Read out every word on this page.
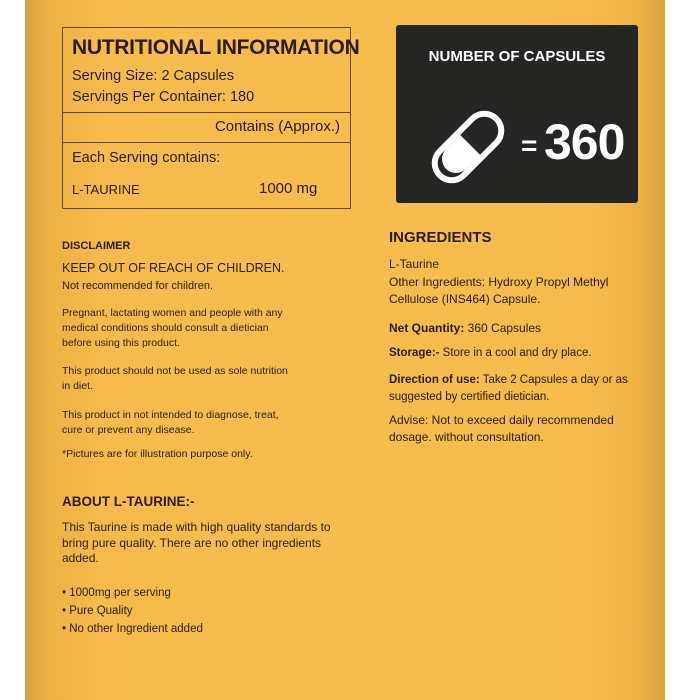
NUTRITIONAL INFORMATION
Serving Size: 2 Capsules
Servings Per Container: 180
Contains (Approx.)
Each Serving contains:
L-TAURINE	1000 mg
NUMBER OF CAPSULES
= 360
DISCLAIMER
KEEP OUT OF REACH OF CHILDREN.
Not recommended for children.
Pregnant, lactating women and people with any
medical conditions should consult a dietician
before using this product.
This product should not be used as sole nutrition
in diet.
This product in not intended to diagnose, treat,
cure or prevent any disease.
*Pictures are for illustration purpose only.
ABOUT L-TAURINE:-
This Taurine is made with high quality standards to
bring pure quality. There are no other ingredients
added.
• 1000mg per serving
• Pure Quality
• No other Ingredient added
INGREDIENTS
L-Taurine
Other Ingredients: Hydroxy Propyl Methyl
Cellulose (INS464) Capsule.
Net Quantity: 360 Capsules
Storage:- Store in a cool and dry place.
Direction of use: Take 2 Capsules a day or as
suggested by certified dietician.
Advise: Not to exceed daily recommended
dosage. without consultation.
